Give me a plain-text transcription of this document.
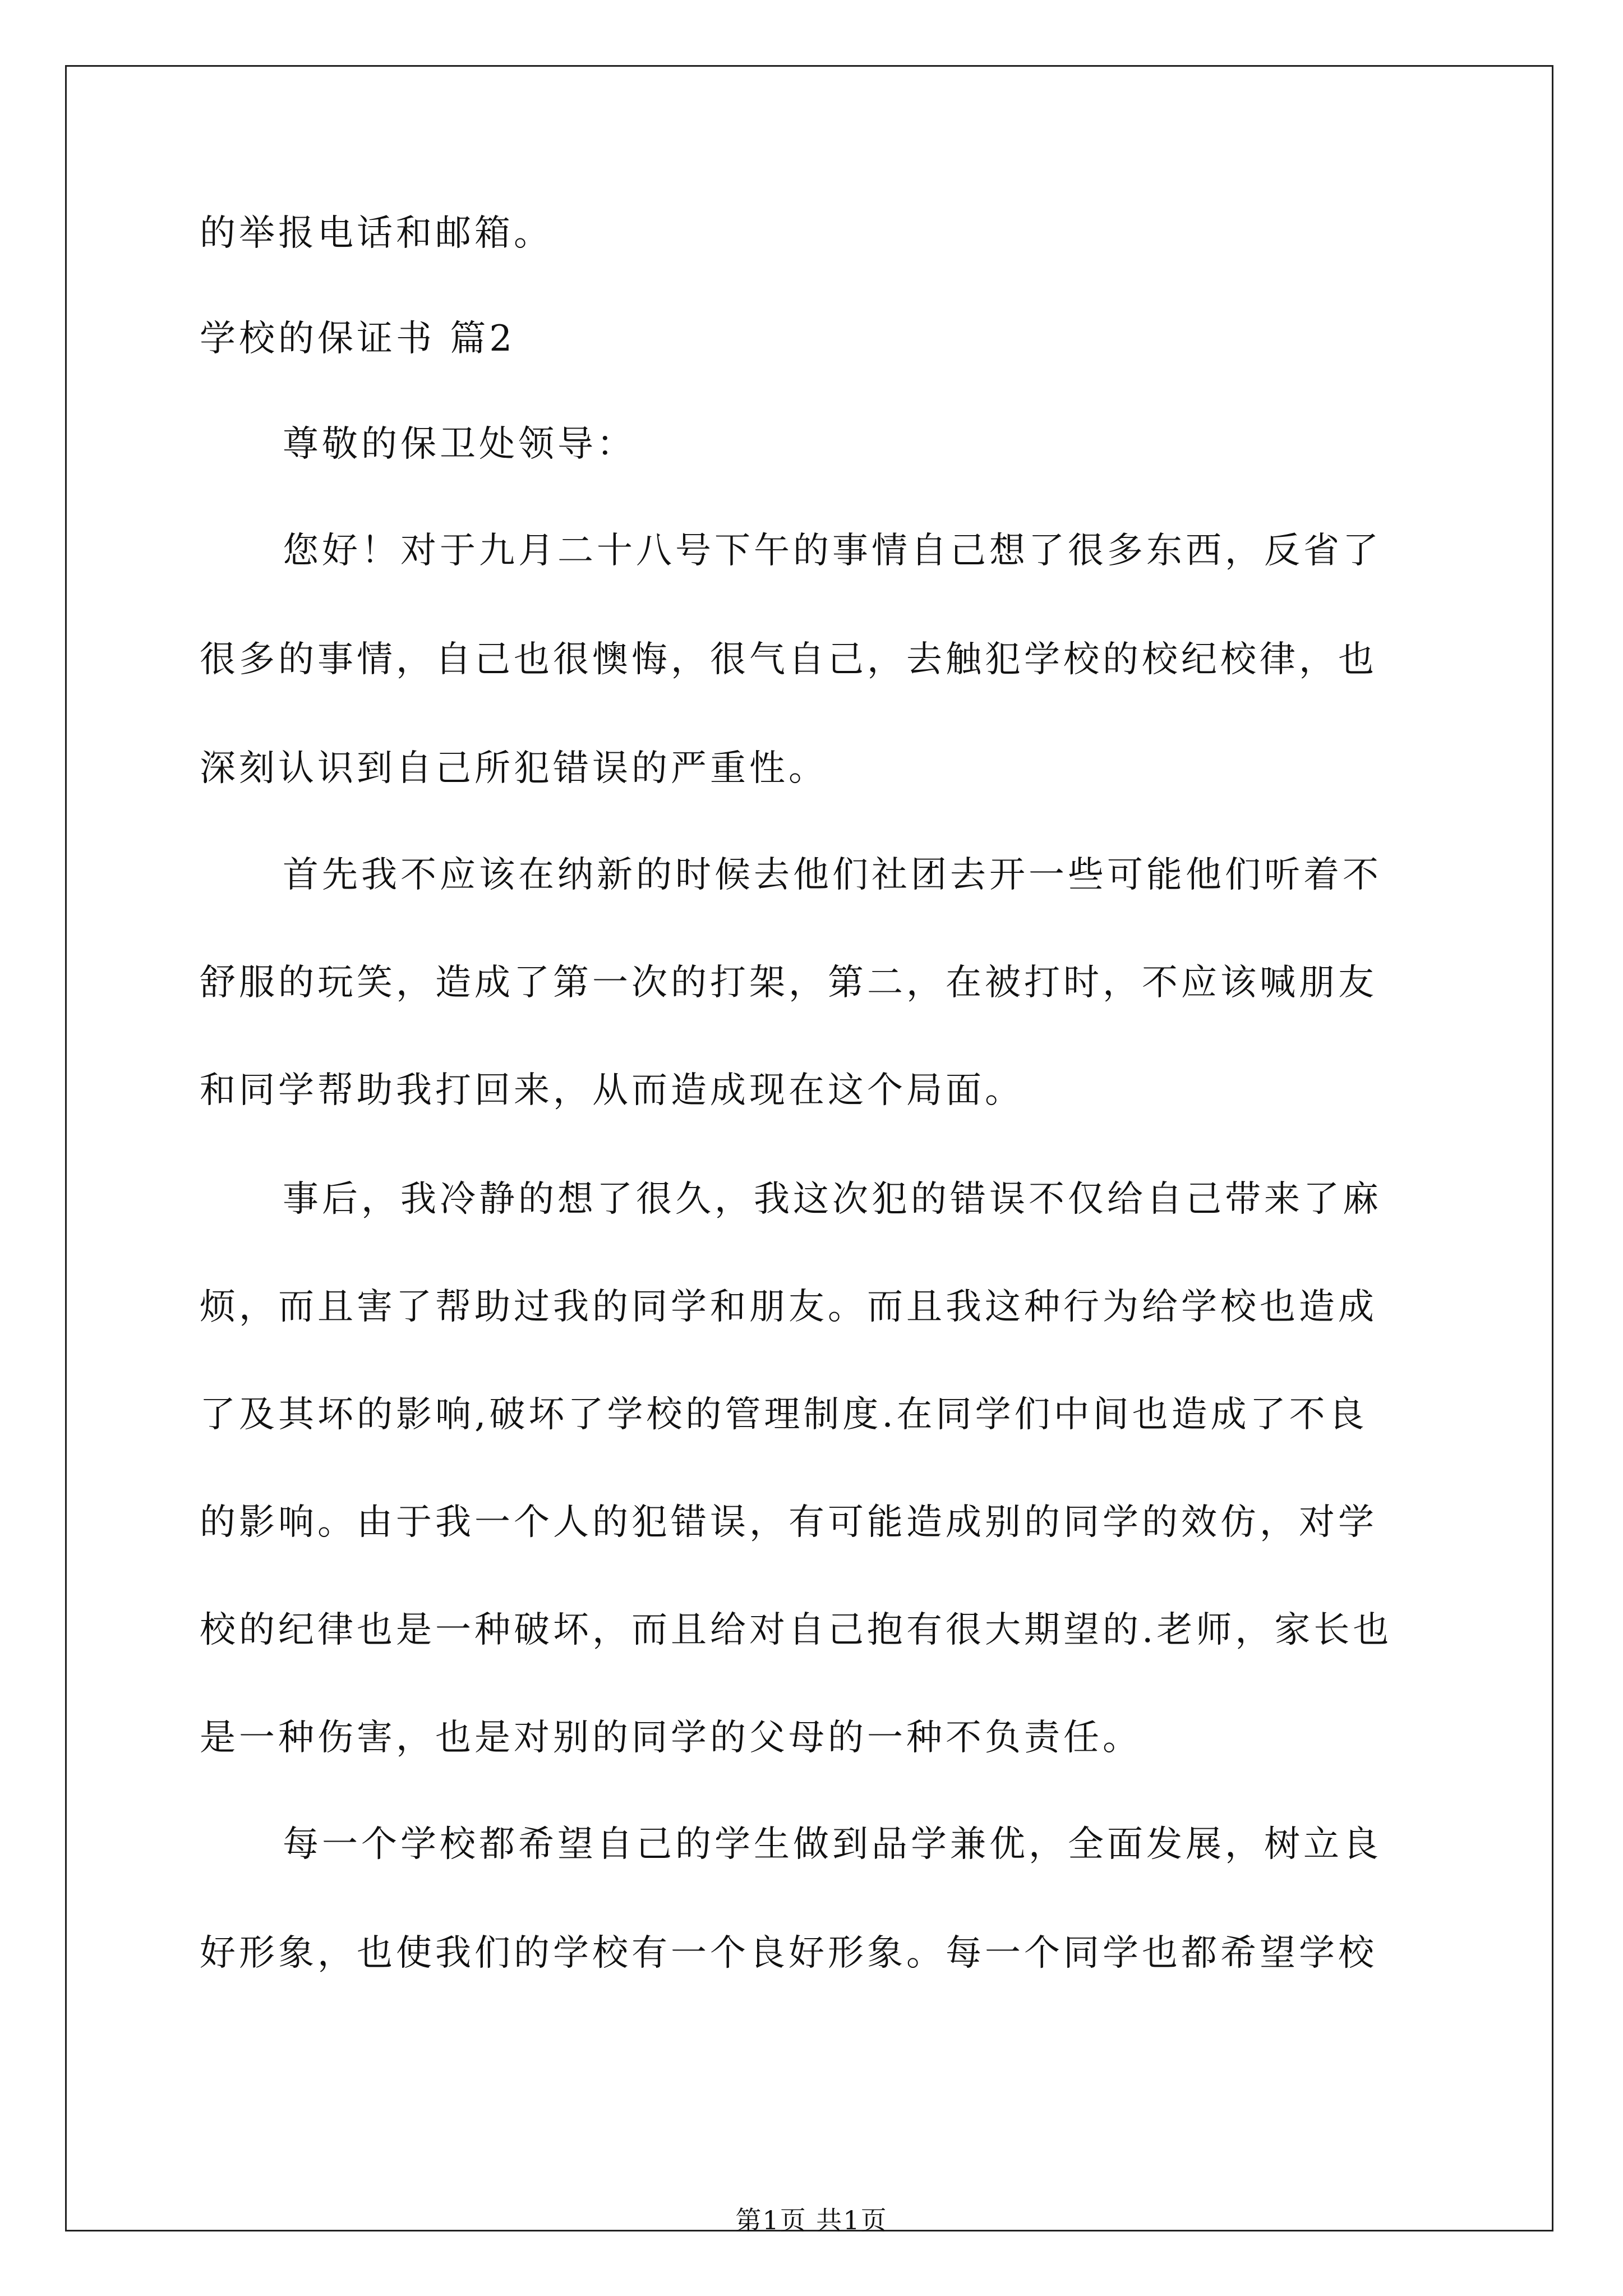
的举报电话和邮箱。

学校的保证书 篇2

尊敬的保卫处领导：

您好！对于九月二十八号下午的事情自己想了很多东西，反省了

很多的事情，自己也很懊悔，很气自己，去触犯学校的校纪校律，也

深刻认识到自己所犯错误的严重性。

首先我不应该在纳新的时候去他们社团去开一些可能他们听着不

舒服的玩笑，造成了第一次的打架，第二，在被打时，不应该喊朋友

和同学帮助我打回来，从而造成现在这个局面。

事后，我冷静的想了很久，我这次犯的错误不仅给自己带来了麻

烦，而且害了帮助过我的同学和朋友。而且我这种行为给学校也造成

了及其坏的影响,破坏了学校的管理制度.在同学们中间也造成了不良

的影响。由于我一个人的犯错误，有可能造成别的同学的效仿，对学

校的纪律也是一种破坏，而且给对自己抱有很大期望的.老师，家长也

是一种伤害，也是对别的同学的父母的一种不负责任。

每一个学校都希望自己的学生做到品学兼优，全面发展，树立良

好形象，也使我们的学校有一个良好形象。每一个同学也都希望学校

第1页 共1页
